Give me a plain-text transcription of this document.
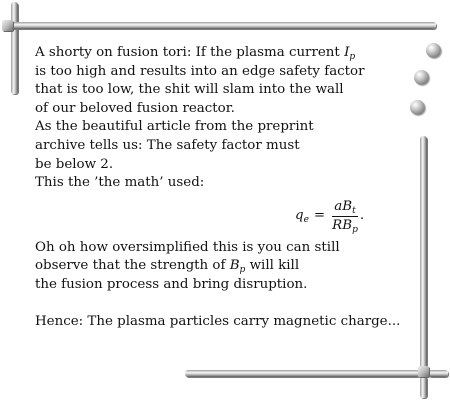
A shorty on fusion tori: If the plasma current $I_p$
is too high and results into an edge safety factor
that is too low, the shit will slam into the wall
of our beloved fusion reactor.
As the beautiful article from the preprint
archive tells us: The safety factor must
be below 2.
This the ’the math’ used:
$q_e = \frac{aB_t}{RB_p}$ .
Oh oh how oversimplified this is you can still
observe that the strength of $B_p$ will kill
the fusion process and bring disruption.
Hence: The plasma particles carry magnetic charge...
